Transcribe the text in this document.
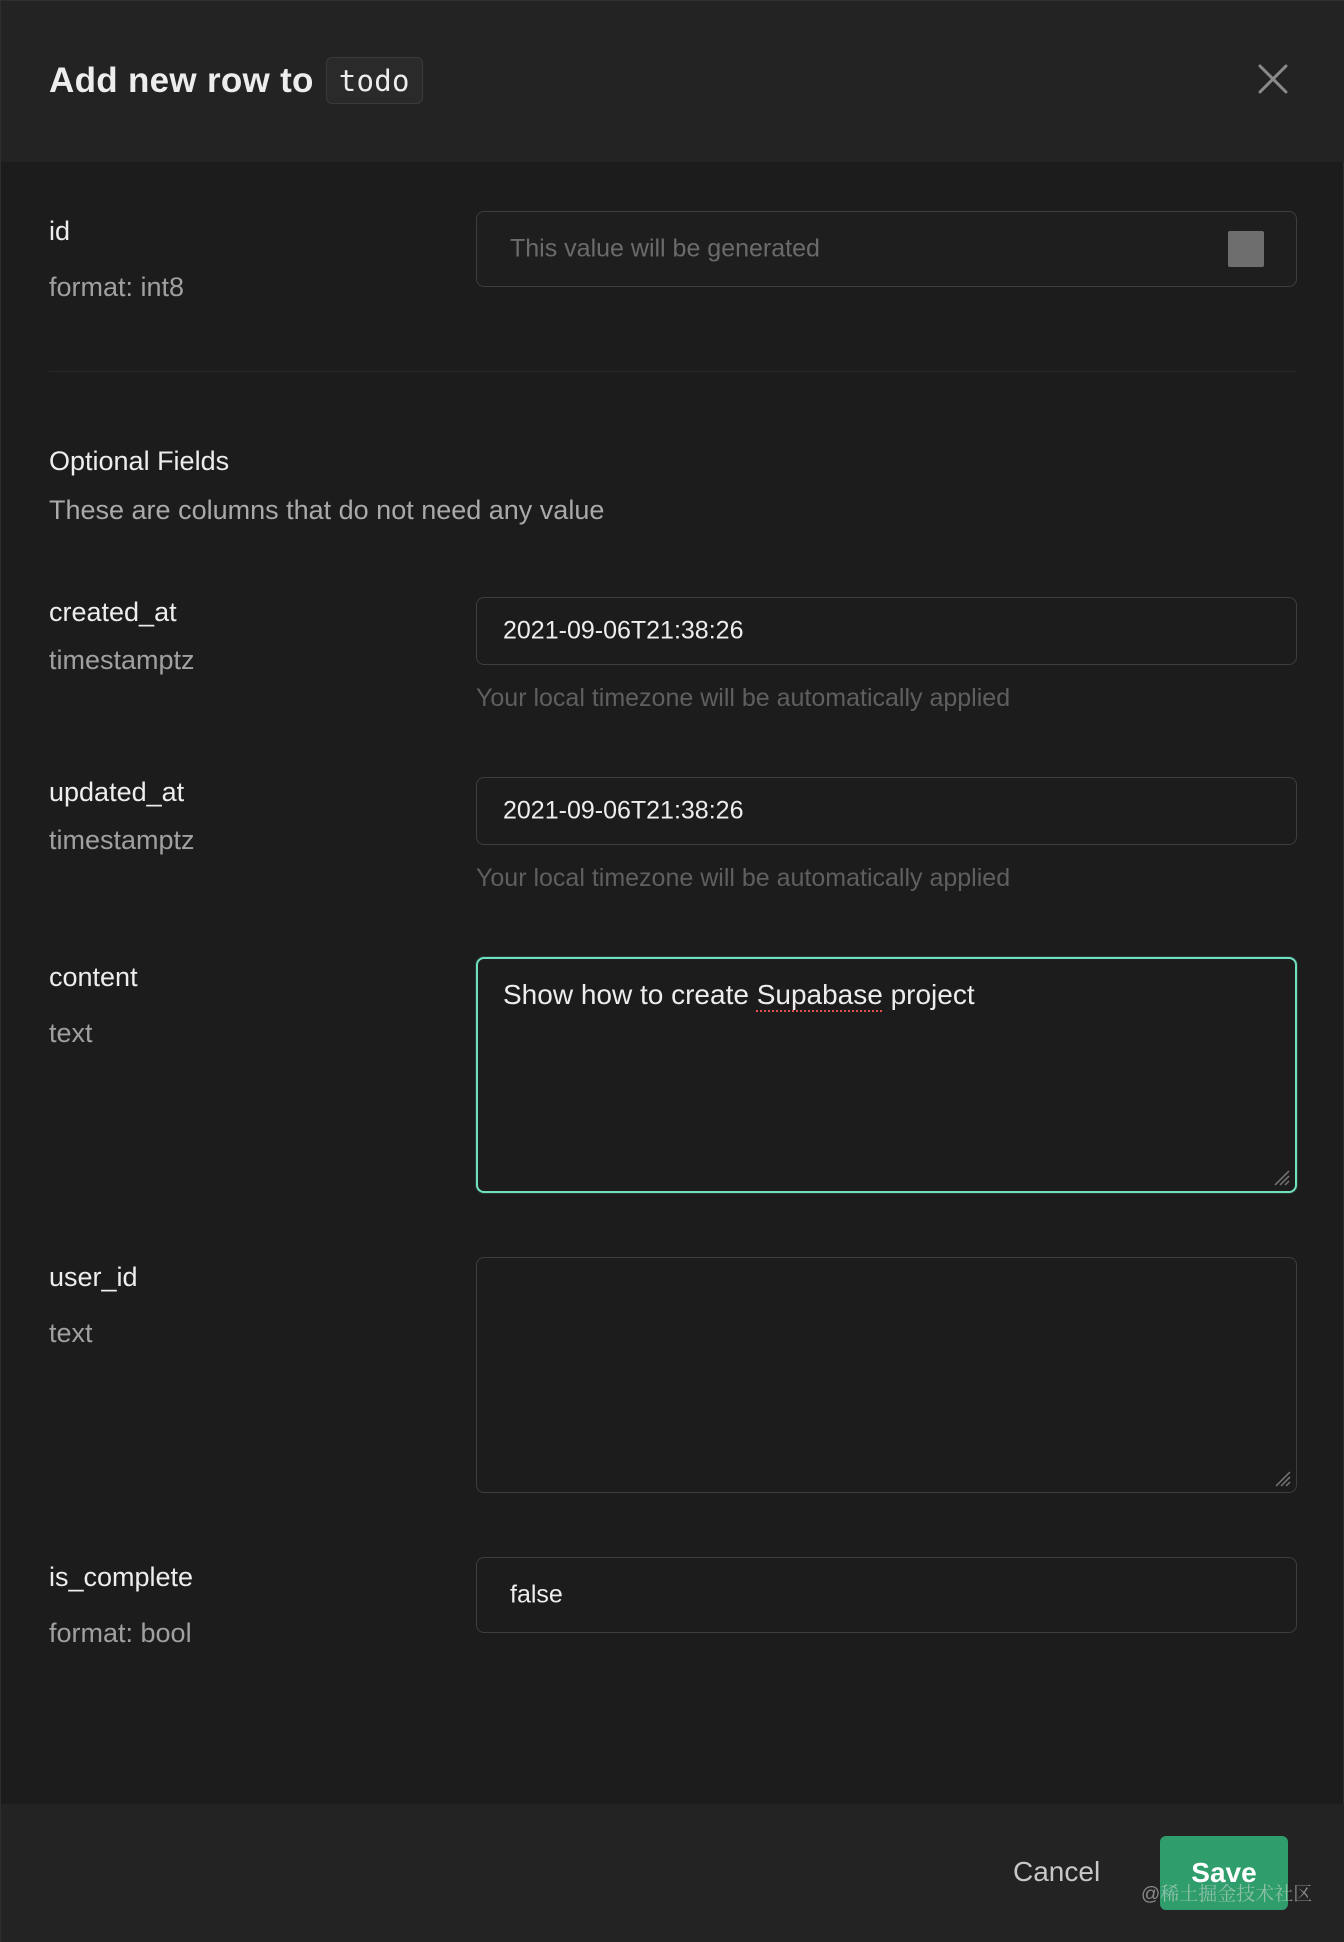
Add new row to todo
id
format: int8
This value will be generated
Optional Fields
These are columns that do not need any value
created_at
timestamptz
2021-09-06T21:38:26
Your local timezone will be automatically applied
updated_at
timestamptz
2021-09-06T21:38:26
Your local timezone will be automatically applied
content
text
Show how to create Supabase project
user_id
text
is_complete
format: bool
false
Cancel	Save
@稀土掘金技术社区
